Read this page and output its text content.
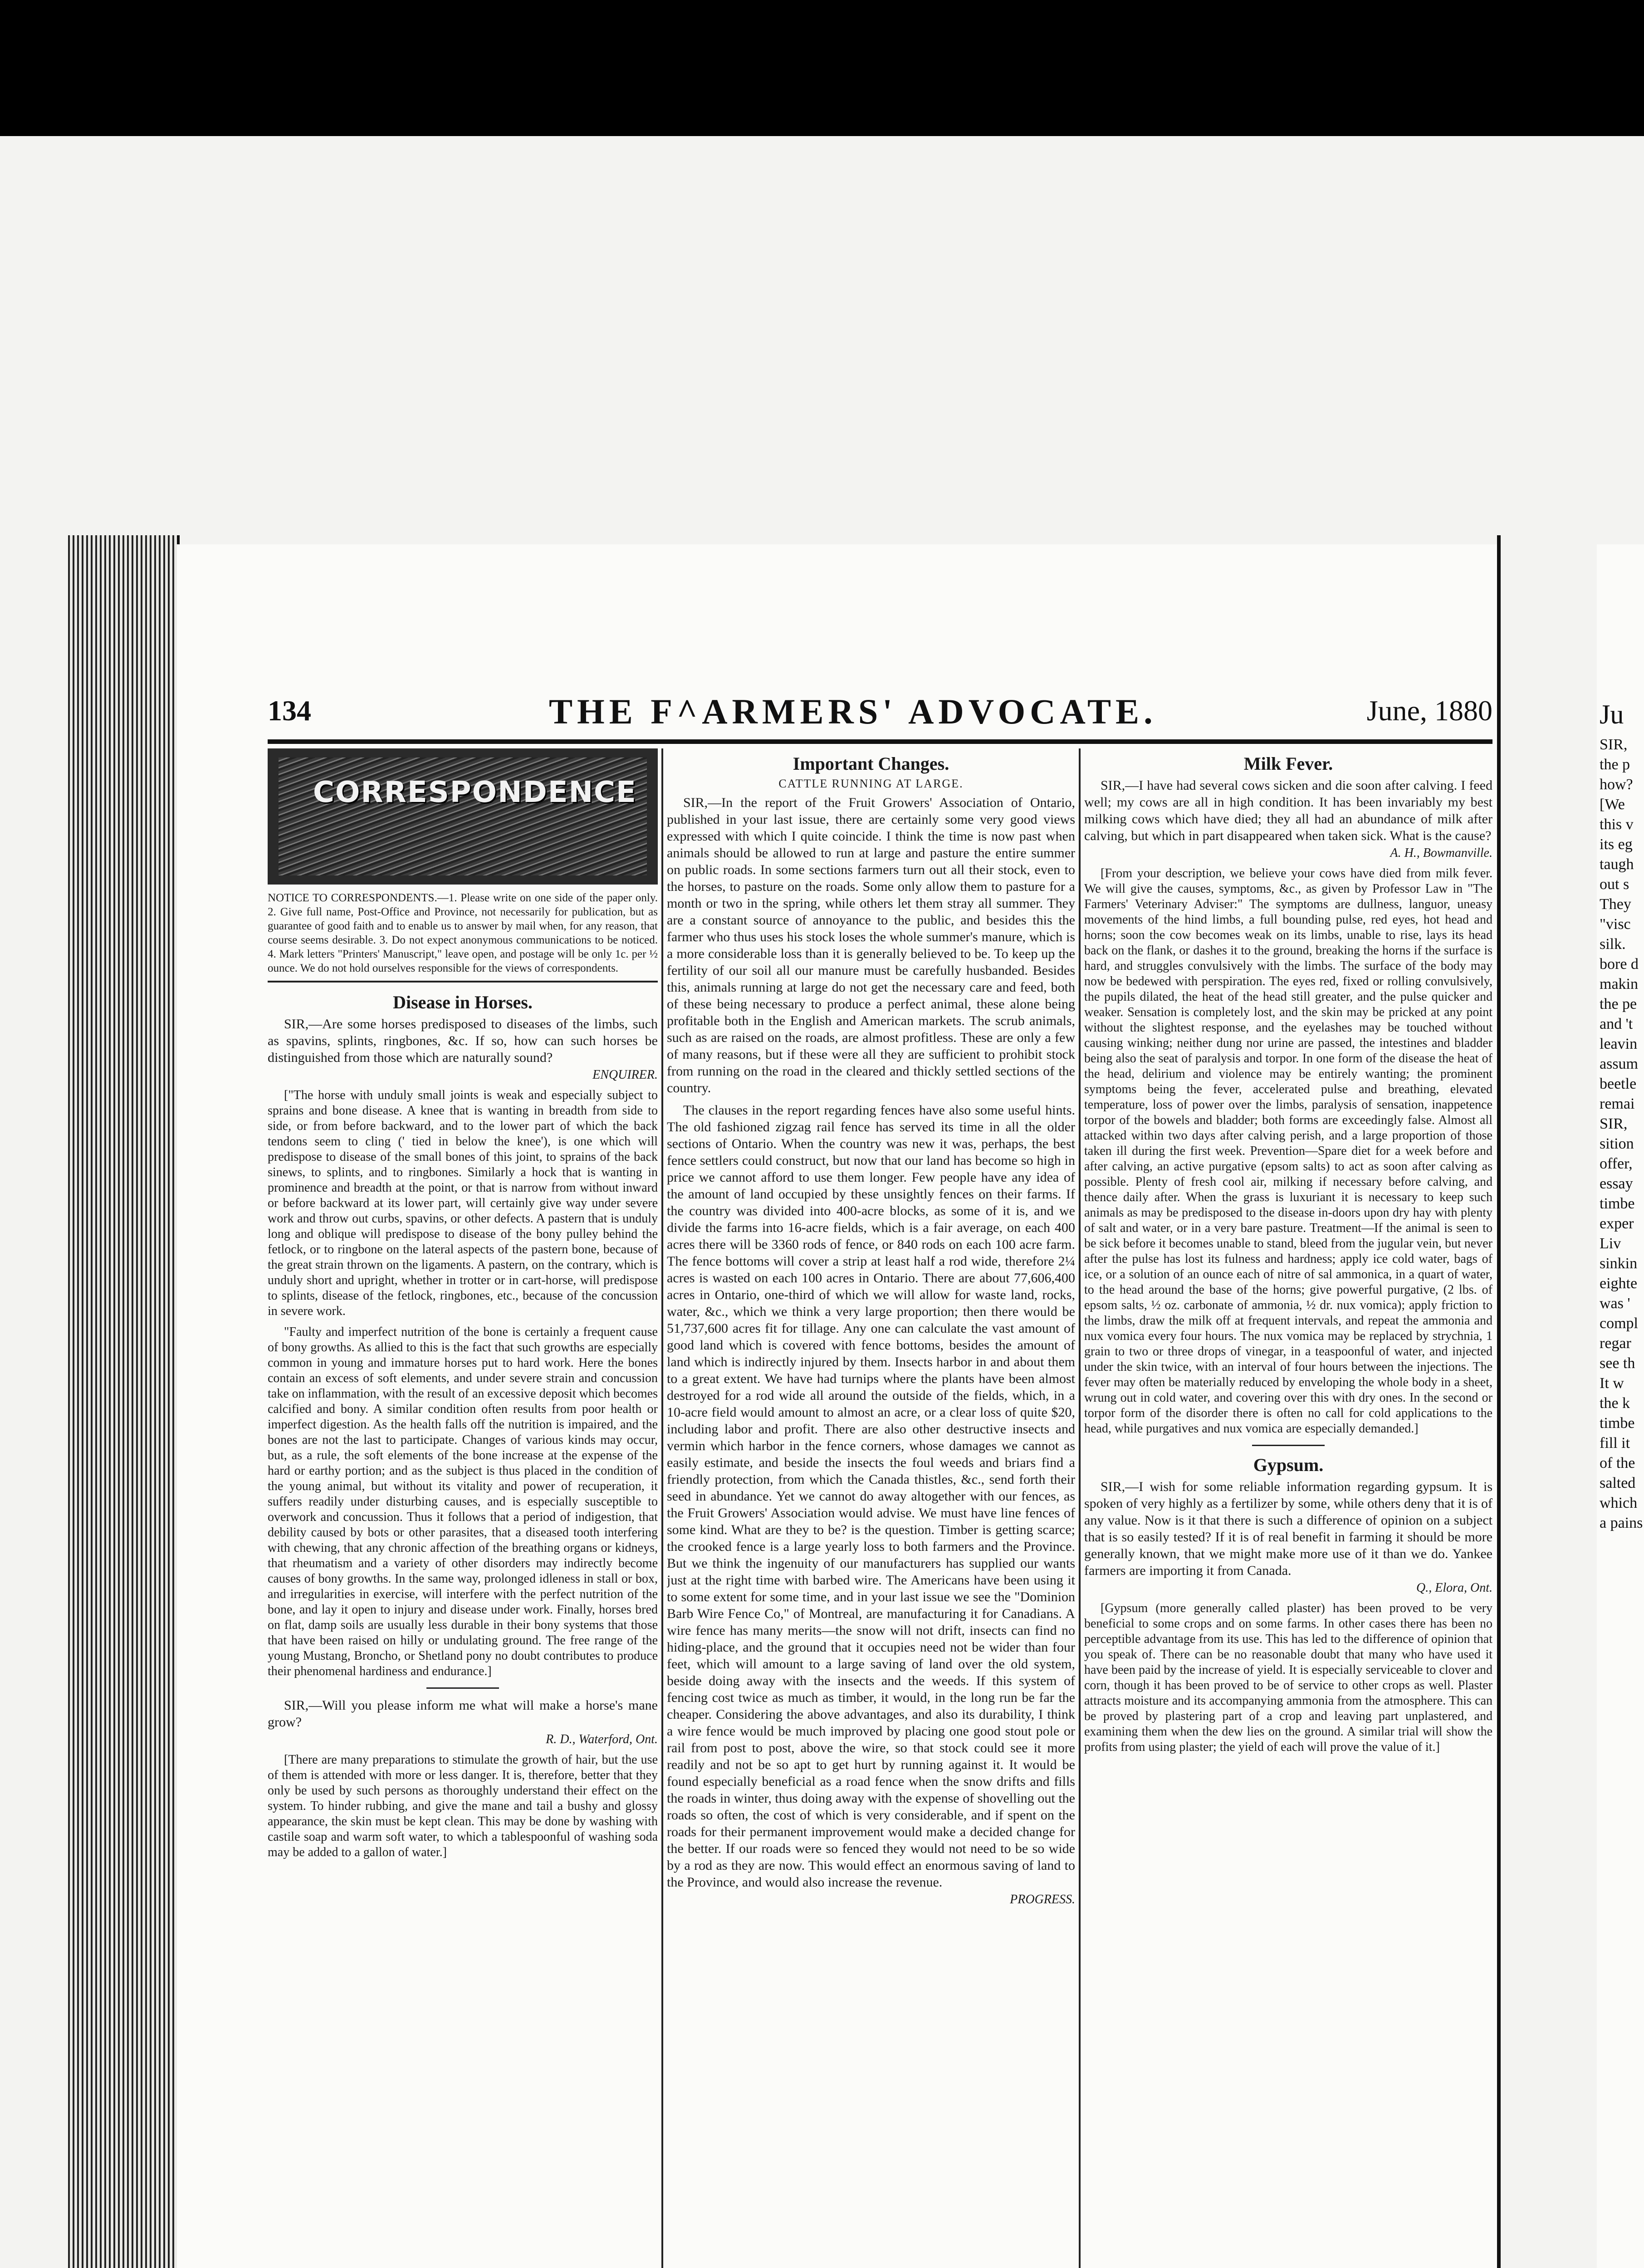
Ju
SIR,
the p
how?
[We
this v
its eg
taugh
out s
They
"visc
silk.
bore d
makin
the pe
and 't
leavin
assum
beetle
remai
SIR,
sition
offer,
essay
timbe
exper
Liv
sinkin
eighte
was '
compl
regar
see th
It w
the k
timbe
fill it
of the
salted
which
a pains
134	THE F^ARMERS' ADVOCATE.	June, 1880
CORRESPONDENCE

NOTICE TO CORRESPONDENTS.—1. Please write on one side of the paper only. 2. Give full name, Post-Office and Province, not necessarily for publication, but as guarantee of good faith and to enable us to answer by mail when, for any reason, that course seems desirable. 3. Do not expect anonymous communications to be noticed. 4. Mark letters "Printers' Manuscript," leave open, and postage will be only 1c. per ½ ounce. We do not hold ourselves responsible for the views of correspondents.

Disease in Horses.

SIR,—Are some horses predisposed to diseases of the limbs, such as spavins, splints, ringbones, &c. If so, how can such horses be distinguished from those which are naturally sound?

ENQUIRER.

["The horse with unduly small joints is weak and especially subject to sprains and bone disease. A knee that is wanting in breadth from side to side, or from before backward, and to the lower part of which the back tendons seem to cling (' tied in below the knee'), is one which will predispose to disease of the small bones of this joint, to sprains of the back sinews, to splints, and to ringbones. Similarly a hock that is wanting in prominence and breadth at the point, or that is narrow from without inward or before backward at its lower part, will certainly give way under severe work and throw out curbs, spavins, or other defects. A pastern that is unduly long and oblique will predispose to disease of the bony pulley behind the fetlock, or to ringbone on the lateral aspects of the pastern bone, because of the great strain thrown on the ligaments. A pastern, on the contrary, which is unduly short and upright, whether in trotter or in cart-horse, will predispose to splints, disease of the fetlock, ringbones, etc., because of the concussion in severe work.

"Faulty and imperfect nutrition of the bone is certainly a frequent cause of bony growths. As allied to this is the fact that such growths are especially common in young and immature horses put to hard work. Here the bones contain an excess of soft elements, and under severe strain and concussion take on inflammation, with the result of an excessive deposit which becomes calcified and bony. A similar condition often results from poor health or imperfect digestion. As the health falls off the nutrition is impaired, and the bones are not the last to participate. Changes of various kinds may occur, but, as a rule, the soft elements of the bone increase at the expense of the hard or earthy portion; and as the subject is thus placed in the condition of the young animal, but without its vitality and power of recuperation, it suffers readily under disturbing causes, and is especially susceptible to overwork and concussion. Thus it follows that a period of indigestion, that debility caused by bots or other parasites, that a diseased tooth interfering with chewing, that any chronic affection of the breathing organs or kidneys, that rheumatism and a variety of other disorders may indirectly become causes of bony growths. In the same way, prolonged idleness in stall or box, and irregularities in exercise, will interfere with the perfect nutrition of the bone, and lay it open to injury and disease under work. Finally, horses bred on flat, damp soils are usually less durable in their bony systems that those that have been raised on hilly or undulating ground. The free range of the young Mustang, Broncho, or Shetland pony no doubt contributes to produce their phenomenal hardiness and endurance.]

SIR,—Will you please inform me what will make a horse's mane grow?

R. D., Waterford, Ont.

[There are many preparations to stimulate the growth of hair, but the use of them is attended with more or less danger. It is, therefore, better that they only be used by such persons as thoroughly understand their effect on the system. To hinder rubbing, and give the mane and tail a bushy and glossy appearance, the skin must be kept clean. This may be done by washing with castile soap and warm soft water, to which a tablespoonful of washing soda may be added to a gallon of water.]

Important Changes.
CATTLE RUNNING AT LARGE.

SIR,—In the report of the Fruit Growers' Association of Ontario, published in your last issue, there are certainly some very good views expressed with which I quite coincide. I think the time is now past when animals should be allowed to run at large and pasture the entire summer on public roads. In some sections farmers turn out all their stock, even to the horses, to pasture on the roads. Some only allow them to pasture for a month or two in the spring, while others let them stray all summer. They are a constant source of annoyance to the public, and besides this the farmer who thus uses his stock loses the whole summer's manure, which is a more considerable loss than it is generally believed to be. To keep up the fertility of our soil all our manure must be carefully husbanded. Besides this, animals running at large do not get the necessary care and feed, both of these being necessary to produce a perfect animal, these alone being profitable both in the English and American markets. The scrub animals, such as are raised on the roads, are almost profitless. These are only a few of many reasons, but if these were all they are sufficient to prohibit stock from running on the road in the cleared and thickly settled sections of the country.

The clauses in the report regarding fences have also some useful hints. The old fashioned zigzag rail fence has served its time in all the older sections of Ontario. When the country was new it was, perhaps, the best fence settlers could construct, but now that our land has become so high in price we cannot afford to use them longer. Few people have any idea of the amount of land occupied by these unsightly fences on their farms. If the country was divided into 400-acre blocks, as some of it is, and we divide the farms into 16-acre fields, which is a fair average, on each 400 acres there will be 3360 rods of fence, or 840 rods on each 100 acre farm. The fence bottoms will cover a strip at least half a rod wide, therefore 2¼ acres is wasted on each 100 acres in Ontario. There are about 77,606,400 acres in Ontario, one-third of which we will allow for waste land, rocks, water, &c., which we think a very large proportion; then there would be 51,737,600 acres fit for tillage. Any one can calculate the vast amount of good land which is covered with fence bottoms, besides the amount of land which is indirectly injured by them. Insects harbor in and about them to a great extent. We have had turnips where the plants have been almost destroyed for a rod wide all around the outside of the fields, which, in a 10-acre field would amount to almost an acre, or a clear loss of quite $20, including labor and profit. There are also other destructive insects and vermin which harbor in the fence corners, whose damages we cannot as easily estimate, and beside the insects the foul weeds and briars find a friendly protection, from which the Canada thistles, &c., send forth their seed in abundance. Yet we cannot do away altogether with our fences, as the Fruit Growers' Association would advise. We must have line fences of some kind. What are they to be? is the question. Timber is getting scarce; the crooked fence is a large yearly loss to both farmers and the Province. But we think the ingenuity of our manufacturers has supplied our wants just at the right time with barbed wire. The Americans have been using it to some extent for some time, and in your last issue we see the "Dominion Barb Wire Fence Co," of Montreal, are manufacturing it for Canadians. A wire fence has many merits—the snow will not drift, insects can find no hiding-place, and the ground that it occupies need not be wider than four feet, which will amount to a large saving of land over the old system, beside doing away with the insects and the weeds. If this system of fencing cost twice as much as timber, it would, in the long run be far the cheaper. Considering the above advantages, and also its durability, I think a wire fence would be much improved by placing one good stout pole or rail from post to post, above the wire, so that stock could see it more readily and not be so apt to get hurt by running against it. It would be found especially beneficial as a road fence when the snow drifts and fills the roads in winter, thus doing away with the expense of shovelling out the roads so often, the cost of which is very considerable, and if spent on the roads for their permanent improvement would make a decided change for the better. If our roads were so fenced they would not need to be so wide by a rod as they are now. This would effect an enormous saving of land to the Province, and would also increase the revenue.

PROGRESS.
Milk Fever.

SIR,—I have had several cows sicken and die soon after calving. I feed well; my cows are all in high condition. It has been invariably my best milking cows which have died; they all had an abundance of milk after calving, but which in part disappeared when taken sick. What is the cause?

A. H., Bowmanville.

[From your description, we believe your cows have died from milk fever. We will give the causes, symptoms, &c., as given by Professor Law in "The Farmers' Veterinary Adviser:" The symptoms are dullness, languor, uneasy movements of the hind limbs, a full bounding pulse, red eyes, hot head and horns; soon the cow becomes weak on its limbs, unable to rise, lays its head back on the flank, or dashes it to the ground, breaking the horns if the surface is hard, and struggles convulsively with the limbs. The surface of the body may now be bedewed with perspiration. The eyes red, fixed or rolling convulsively, the pupils dilated, the heat of the head still greater, and the pulse quicker and weaker. Sensation is completely lost, and the skin may be pricked at any point without the slightest response, and the eyelashes may be touched without causing winking; neither dung nor urine are passed, the intestines and bladder being also the seat of paralysis and torpor. In one form of the disease the heat of the head, delirium and violence may be entirely wanting; the prominent symptoms being the fever, accelerated pulse and breathing, elevated temperature, loss of power over the limbs, paralysis of sensation, inappetence torpor of the bowels and bladder; both forms are exceedingly false. Almost all attacked within two days after calving perish, and a large proportion of those taken ill during the first week. Prevention—Spare diet for a week before and after calving, an active purgative (epsom salts) to act as soon after calving as possible. Plenty of fresh cool air, milking if necessary before calving, and thence daily after. When the grass is luxuriant it is necessary to keep such animals as may be predisposed to the disease in-doors upon dry hay with plenty of salt and water, or in a very bare pasture. Treatment—If the animal is seen to be sick before it becomes unable to stand, bleed from the jugular vein, but never after the pulse has lost its fulness and hardness; apply ice cold water, bags of ice, or a solution of an ounce each of nitre of sal ammonica, in a quart of water, to the head around the base of the horns; give powerful purgative, (2 lbs. of epsom salts, ½ oz. carbonate of ammonia, ½ dr. nux vomica); apply friction to the limbs, draw the milk off at frequent intervals, and repeat the ammonia and nux vomica every four hours. The nux vomica may be replaced by strychnia, 1 grain to two or three drops of vinegar, in a teaspoonful of water, and injected under the skin twice, with an interval of four hours between the injections. The fever may often be materially reduced by enveloping the whole body in a sheet, wrung out in cold water, and covering over this with dry ones. In the second or torpor form of the disorder there is often no call for cold applications to the head, while purgatives and nux vomica are especially demanded.]

Gypsum.

SIR,—I wish for some reliable information regarding gypsum. It is spoken of very highly as a fertilizer by some, while others deny that it is of any value. Now is it that there is such a difference of opinion on a subject that is so easily tested? If it is of real benefit in farming it should be more generally known, that we might make more use of it than we do. Yankee farmers are importing it from Canada.

Q., Elora, Ont.

[Gypsum (more generally called plaster) has been proved to be very beneficial to some crops and on some farms. In other cases there has been no perceptible advantage from its use. This has led to the difference of opinion that you speak of. There can be no reasonable doubt that many who have used it have been paid by the increase of yield. It is especially serviceable to clover and corn, though it has been proved to be of service to other crops as well. Plaster attracts moisture and its accompanying ammonia from the atmosphere. This can be proved by plastering part of a crop and leaving part unplastered, and examining them when the dew lies on the ground. A similar trial will show the profits from using plaster; the yield of each will prove the value of it.]
